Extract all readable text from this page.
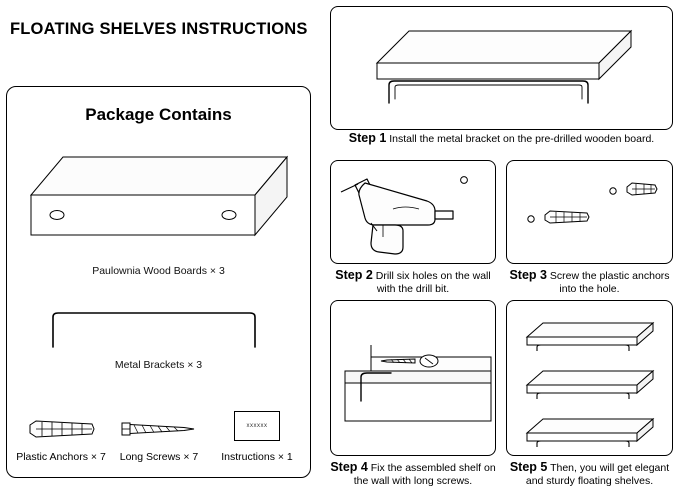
FLOATING SHELVES INSTRUCTIONS
Package Contains
Paulownia Wood Boards × 3
Metal Brackets × 3
Plastic Anchors × 7	Long Screws × 7
xxxxxx
Instructions × 1
Step 1 Install the metal bracket on the pre-drilled wooden board.
Step 2 Drill six holes on the wall with the drill bit.
Step 3 Screw the plastic anchors into the hole.
Step 4 Fix the assembled shelf on the wall with long screws.
Step 5 Then, you will get elegant and sturdy floating shelves.
